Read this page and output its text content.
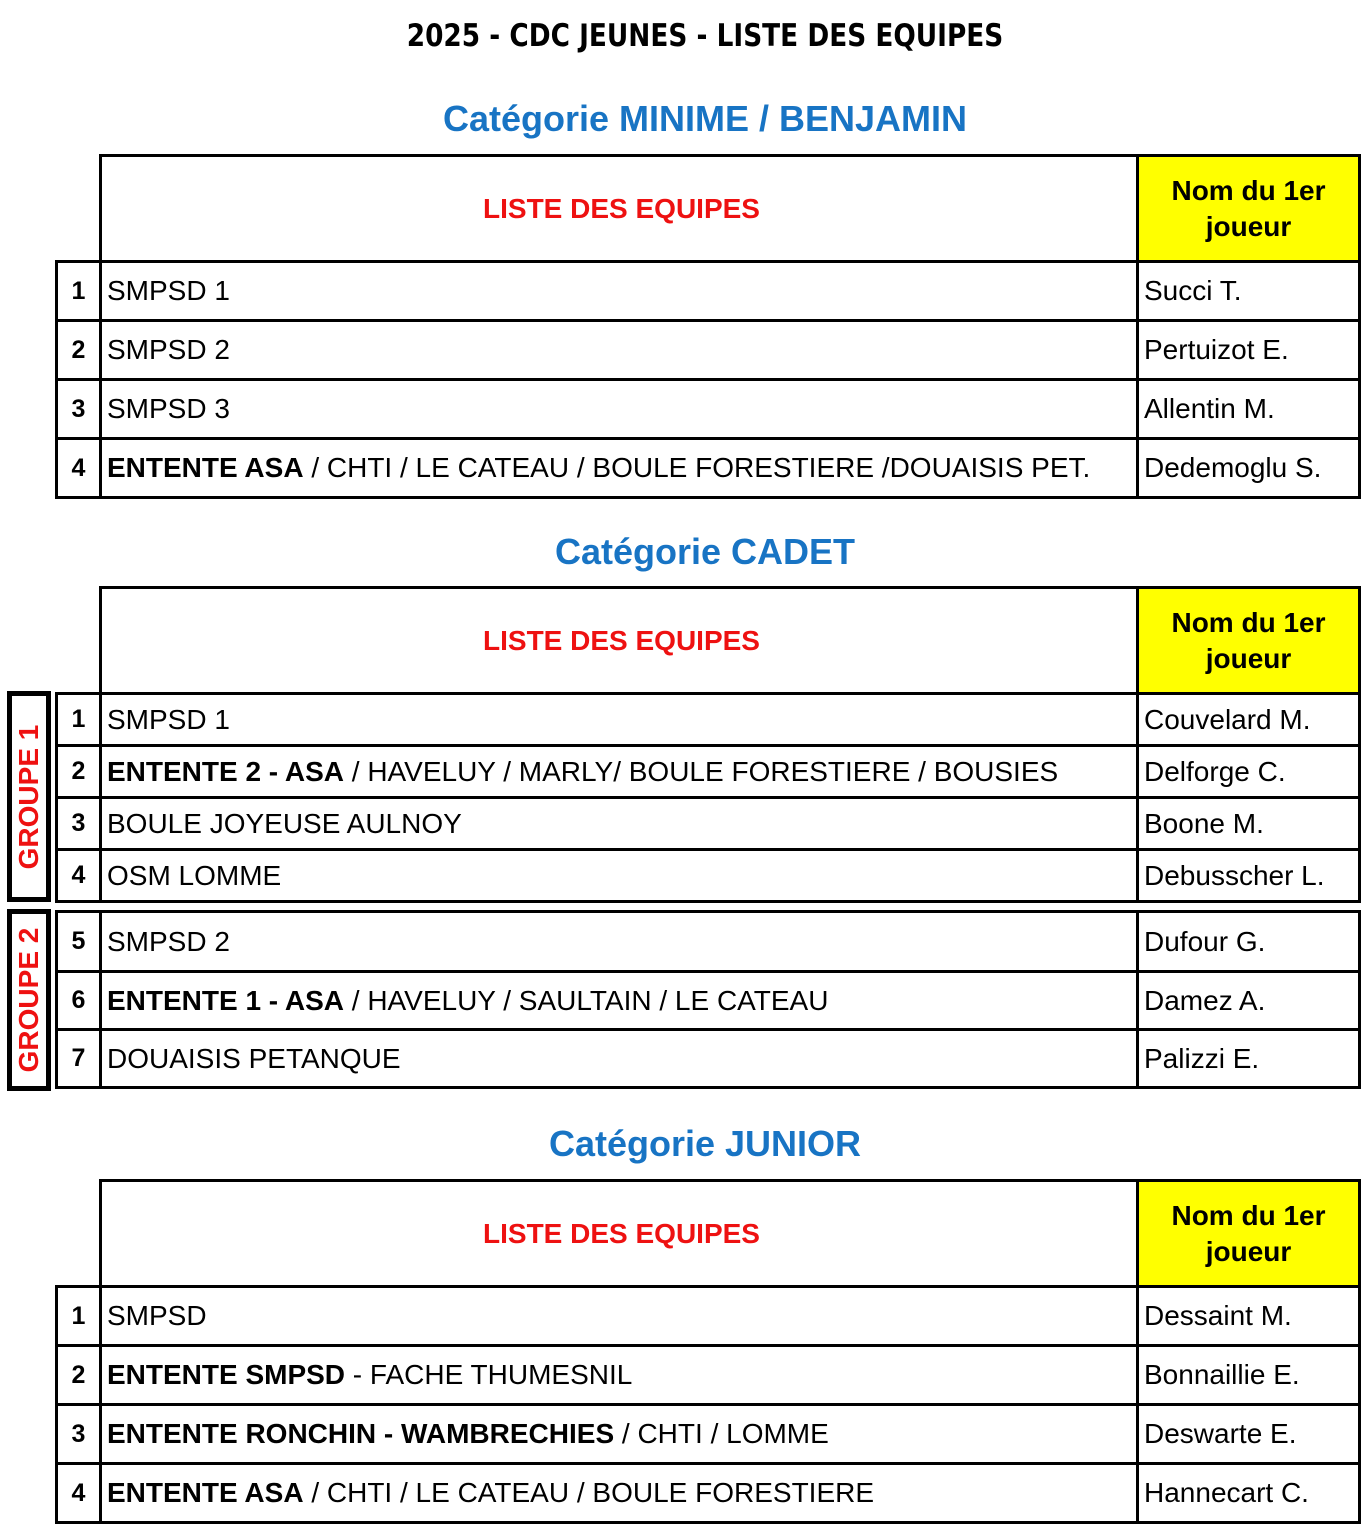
2025 - CDC JEUNES - LISTE DES EQUIPES
Catégorie MINIME / BENJAMIN
	LISTE DES EQUIPES	Nom du 1er joueur
1	SMPSD 1	Succi T.
2	SMPSD 2	Pertuizot E.
3	SMPSD 3	Allentin M.
4	ENTENTE ASA / CHTI / LE CATEAU / BOULE FORESTIERE /DOUAISIS PET.	Dedemoglu S.
Catégorie CADET
	LISTE DES EQUIPES	Nom du 1er joueur
1	SMPSD 1	Couvelard M.
2	ENTENTE 2 - ASA / HAVELUY / MARLY/ BOULE FORESTIERE / BOUSIES	Delforge C.
3	BOULE JOYEUSE AULNOY	Boone M.
4	OSM LOMME	Debusscher L.
GROUPE 1
5	SMPSD 2	Dufour G.
6	ENTENTE 1 - ASA / HAVELUY / SAULTAIN / LE CATEAU	Damez A.
7	DOUAISIS PETANQUE	Palizzi E.
GROUPE 2
Catégorie JUNIOR
	LISTE DES EQUIPES	Nom du 1er joueur
1	SMPSD	Dessaint M.
2	ENTENTE SMPSD - FACHE THUMESNIL	Bonnaillie E.
3	ENTENTE RONCHIN - WAMBRECHIES / CHTI / LOMME	Deswarte E.
4	ENTENTE ASA / CHTI / LE CATEAU / BOULE FORESTIERE	Hannecart C.
